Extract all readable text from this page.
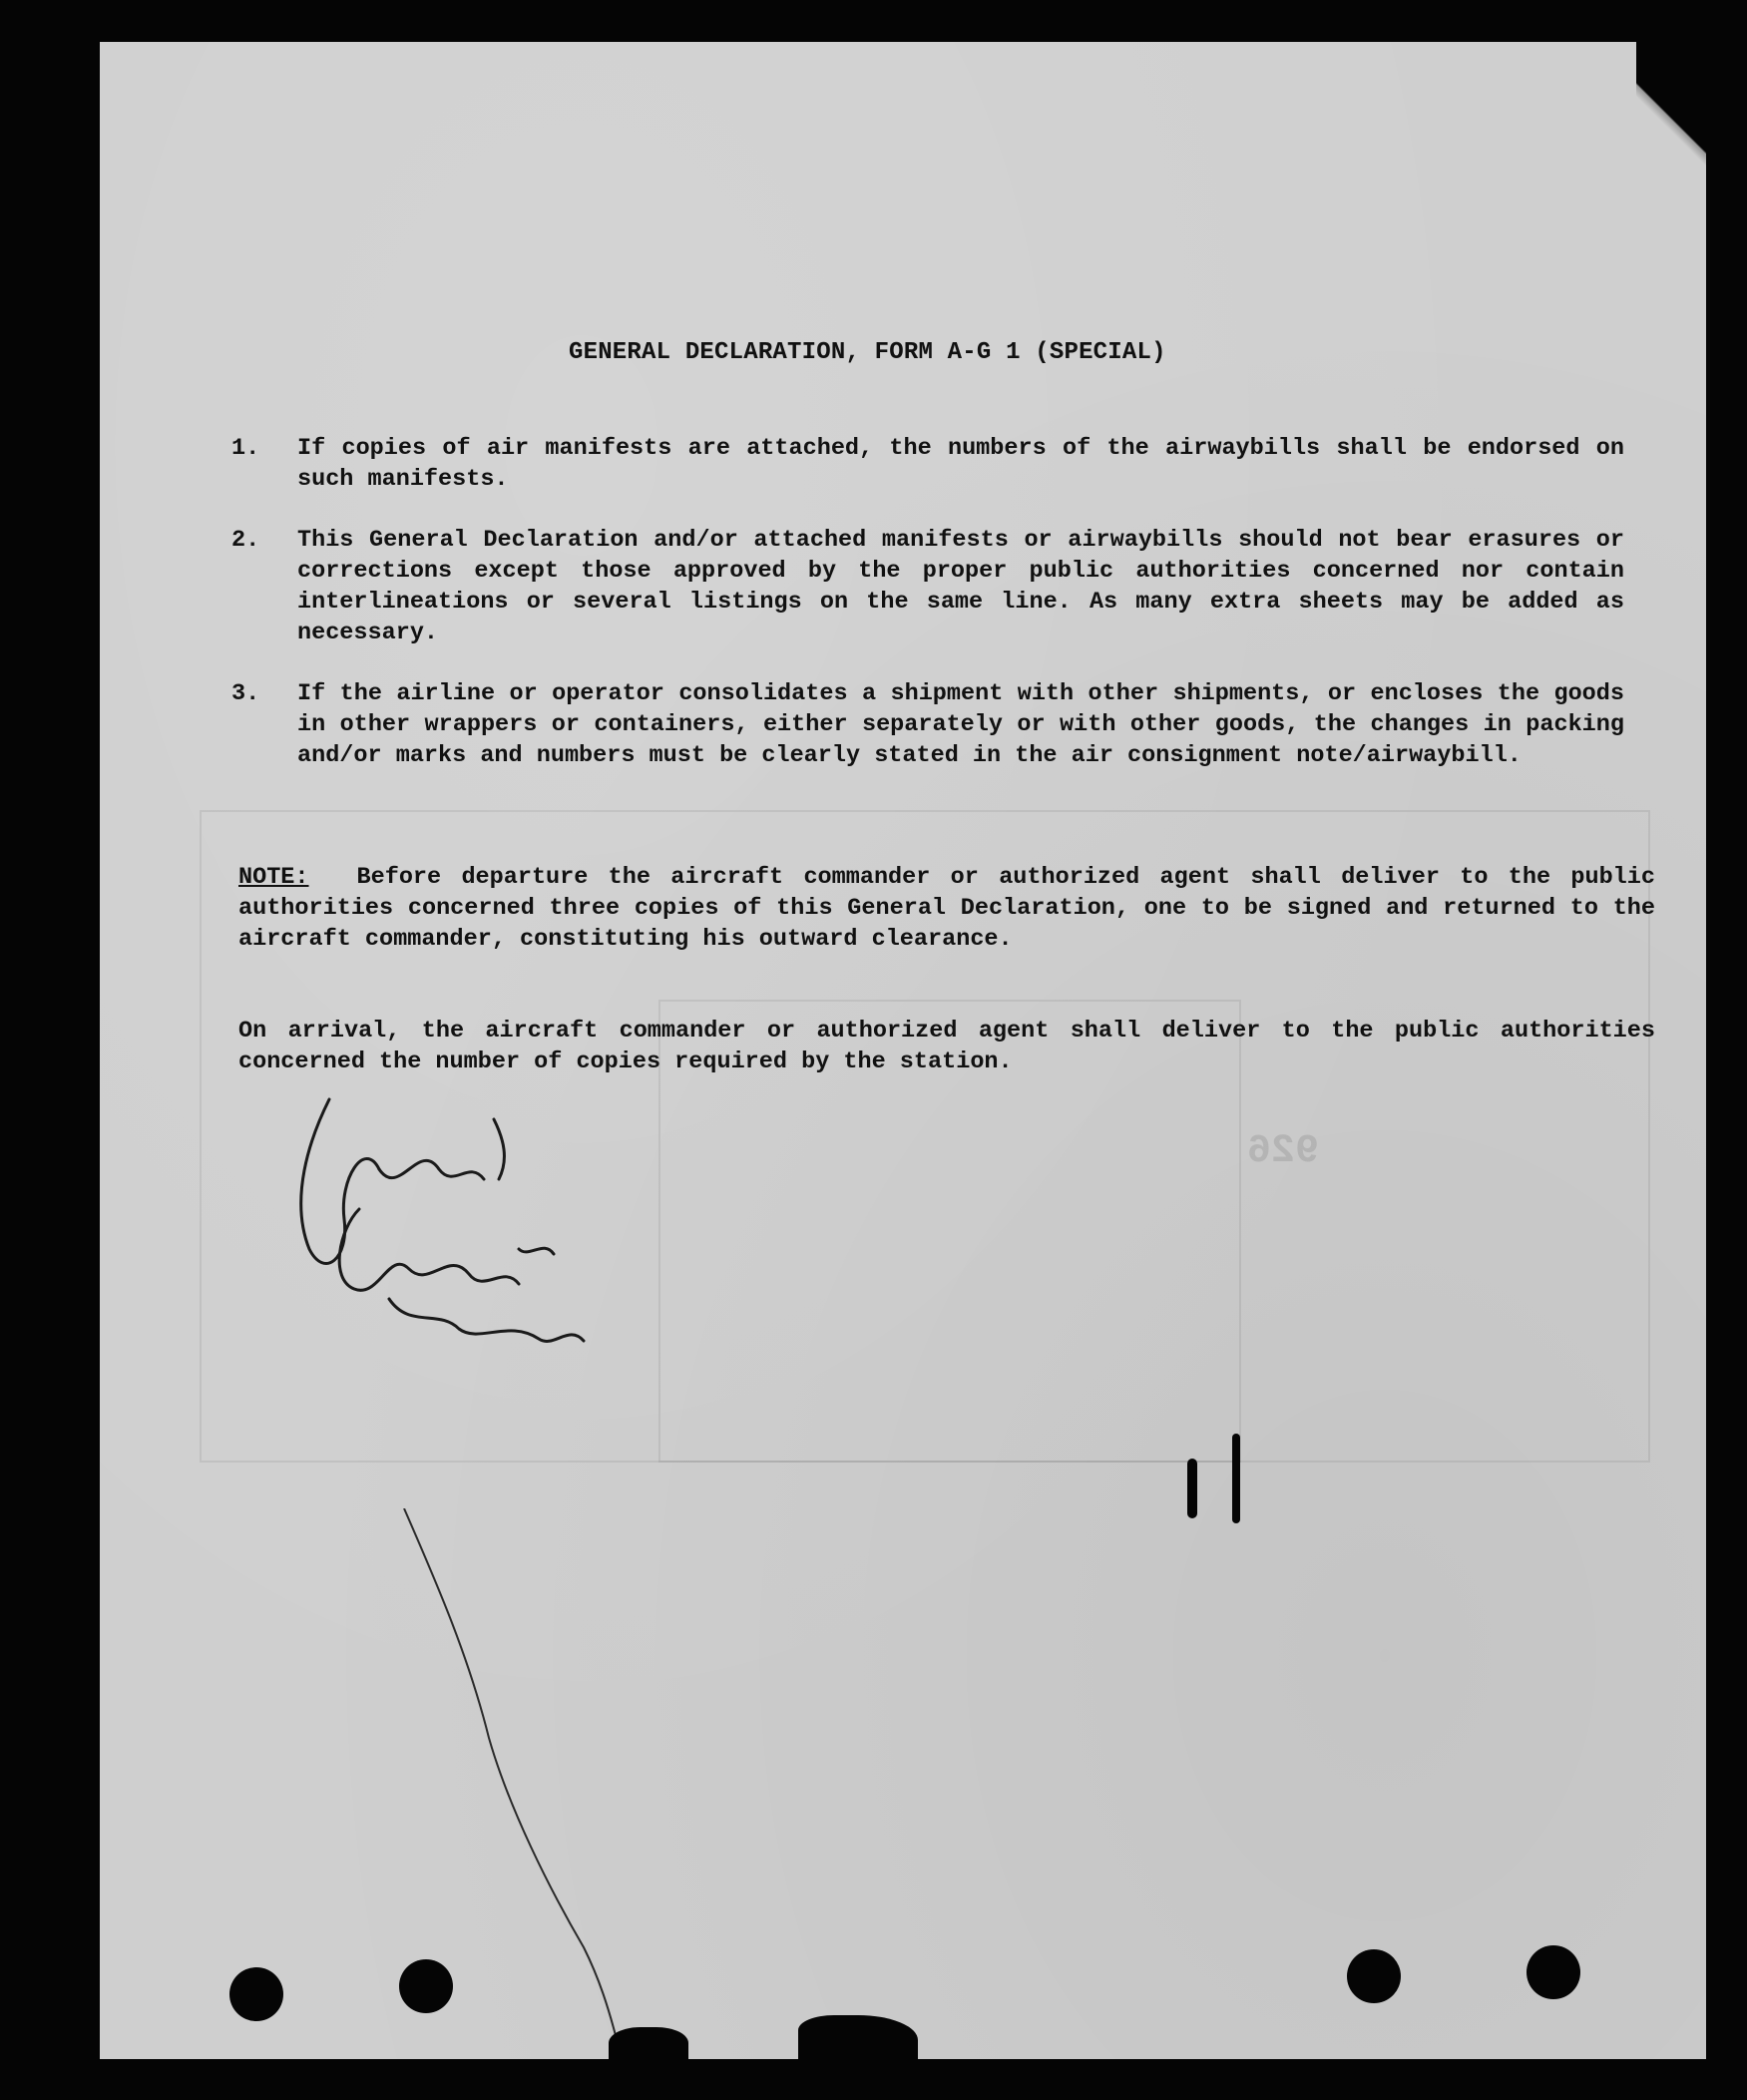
926
GENERAL DECLARATION, FORM A-G 1 (SPECIAL)
1.	If copies of air manifests are attached, the numbers of the airwaybills shall be endorsed on such manifests.
2.	This General Declaration and/or attached manifests or airwaybills should not bear erasures or corrections except those approved by the proper public authorities concerned nor contain interlineations or several listings on the same line. As many extra sheets may be added as necessary.
3.	If the airline or operator consolidates a shipment with other shipments, or encloses the goods in other wrappers or containers, either separately or with other goods, the changes in packing and/or marks and numbers must be clearly stated in the air consignment note/airwaybill.
NOTE: Before departure the aircraft commander or authorized agent shall deliver to the public authorities concerned three copies of this General Declaration, one to be signed and returned to the aircraft commander, constituting his outward clearance.
On arrival, the aircraft commander or authorized agent shall deliver to the public authorities concerned the number of copies required by the station.
